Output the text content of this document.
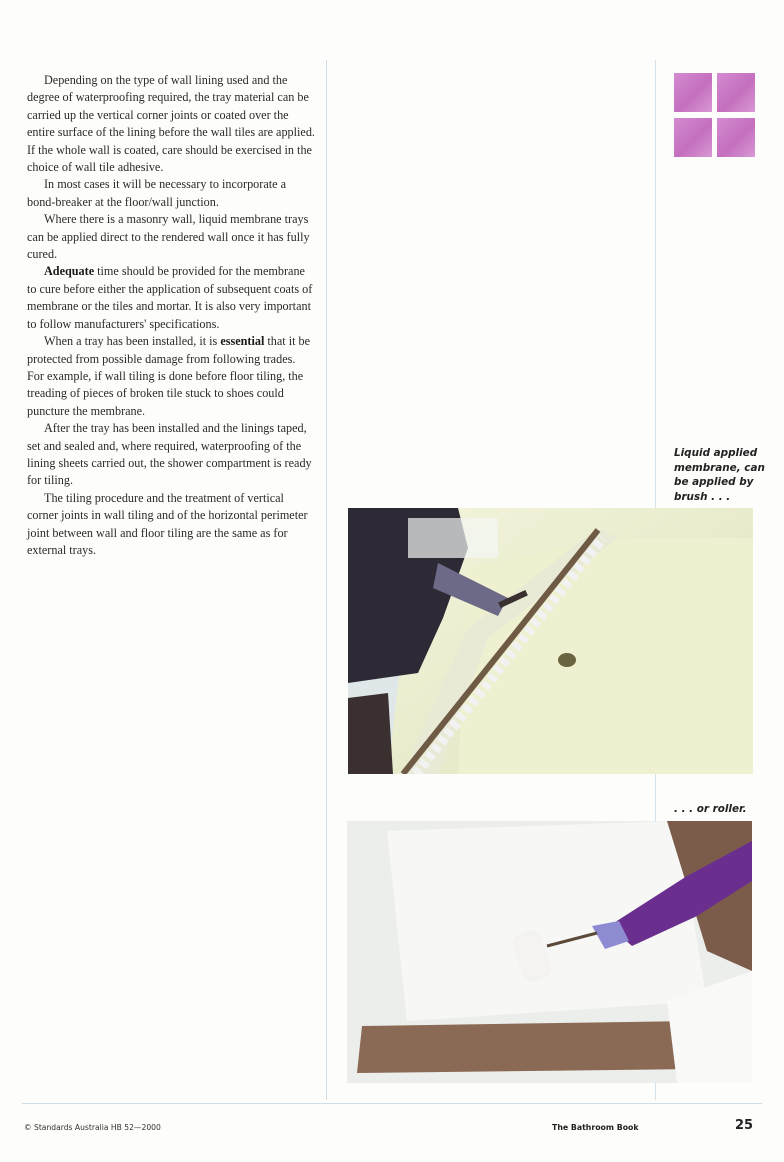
Depending on the type of wall lining used and the degree of waterproofing required, the tray material can be carried up the vertical corner joints or coated over the entire surface of the lining before the wall tiles are applied. If the whole wall is coated, care should be exercised in the choice of wall tile adhesive.

In most cases it will be necessary to incorporate a bond-breaker at the floor/wall junction.

Where there is a masonry wall, liquid membrane trays can be applied direct to the rendered wall once it has fully cured.

Adequate time should be provided for the membrane to cure before either the application of subsequent coats of membrane or the tiles and mortar. It is also very important to follow manufacturers' specifications.

When a tray has been installed, it is essential that it be protected from possible damage from following trades. For example, if wall tiling is done before floor tiling, the treading of pieces of broken tile stuck to shoes could puncture the membrane.

After the tray has been installed and the linings taped, set and sealed and, where required, waterproofing of the lining sheets carried out, the shower compartment is ready for tiling.

The tiling procedure and the treatment of vertical corner joints in wall tiling and of the horizontal perimeter joint between wall and floor tiling are the same as for external trays.

Liquid applied membrane, can be applied by brush . . .
. . . or roller.
© Standards Australia HB 52—2000	The Bathroom Book	25
